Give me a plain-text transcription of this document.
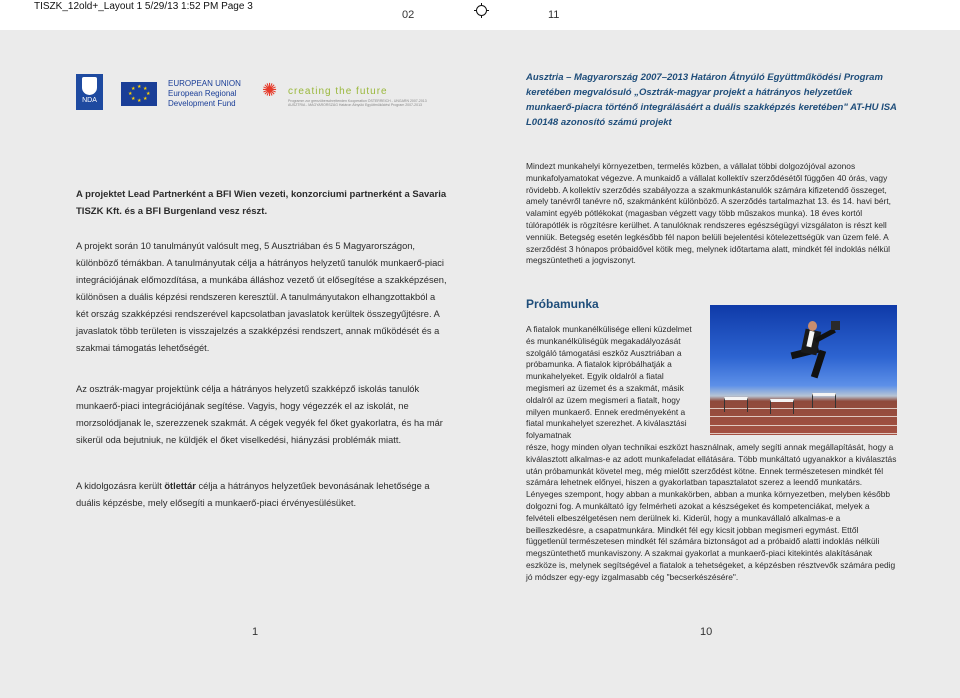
TISZK_12old+_Layout 1 5/29/13 1:52 PM Page 3
02	11
NDA
★ ★
★
★
★
★
★
★
EUROPEAN UNION
European Regional
Development Fund
✺ creating the future
Programm zur grenzüberschreitenden Kooperation ÖSTERREICH - UNGARN 2007-2013
AUSZTRIA - MAGYARORSZÁG Határon Átnyúló Együttműködési Program 2007-2013
Ausztria – Magyarország 2007–2013 Határon Átnyúló Együttműködési Program keretében megvalósuló „Osztrák-magyar projekt a hátrányos helyzetűek munkaerő-piacra történő integrálásáért a duális szakképzés keretében" AT-HU ISA L00148 azonosító számú projekt
A projektet Lead Partnerként a BFI Wien vezeti, konzorciumi partnerként a Savaria TISZK Kft. és a BFI Burgenland vesz részt.
A projekt során 10 tanulmányút valósult meg, 5 Ausztriában és 5 Magyarországon, különböző témákban. A tanulmányutak célja a hátrányos helyzetű tanulók munkaerő-piaci integrációjának előmozdítása, a munkába álláshoz vezető út elősegítése a szakképzésen, különösen a duális képzési rendszeren keresztül. A tanulmányutakon elhangzottakból a két ország szakképzési rendszerével kapcsolatban javaslatok kerültek összegyűjtésre. A javaslatok több területen is visszajelzés a szakképzési rendszert, annak működését és a szakmai támogatás lehetőségét.
Az osztrák-magyar projektünk célja a hátrányos helyzetű szakképző iskolás tanulók munkaerő-piaci integrációjának segítése. Vagyis, hogy végezzék el az iskolát, ne morzsolódjanak le, szerezzenek szakmát. A cégek vegyék fel őket gyakorlatra, és ha már sikerül oda bejutniuk, ne küldjék el őket viselkedési, hiányzási problémák miatt.
A kidolgozásra került ötlettár célja a hátrányos helyzetűek bevonásának lehetősége a duális képzésbe, mely elősegíti a munkaerő-piaci érvényesülésüket.
Mindezt munkahelyi környezetben, termelés közben, a vállalat többi dolgozójóval azonos munkafolyamatokat végezve. A munkaidő a vállalat kollektív szerződésétől függően 40 órás, vagy rövidebb. A kollektív szerződés szabályozza a szakmunkástanulók számára kifizetendő összeget, amely tanévről tanévre nő, szakmánként különböző. A szerződés tartalmazhat 13. és 14. havi bért, valamint egyéb pótlékokat (magasban végzett vagy több műszakos munka). 18 éves kortól túlórapótlék is rögzítésre kerülhet. A tanulóknak rendszeres egészségügyi vizsgálaton is részt kell venniük. Betegség esetén legkésőbb fél napon belüli bejelentési kötelezettségük van üzem felé. A szerződést 3 hónapos próbaidővel kötik meg, melynek időtartama alatt, mindkét fél indoklás nélkül megszüntetheti a jogviszonyt.
Próbamunka
A fiatalok munkanélkülisége elleni küzdelmet és munkanélküliségük megakadályozását szolgáló támogatási eszköz Ausztriában a próbamunka. A fiatalok kipróbálhatják a munkahelyeket. Egyik oldalról a fiatal megismeri az üzemet és a szakmát, másik oldalról az üzem megismeri a fiatalt, hogy milyen munkaerő. Ennek eredményeként a fiatal munkahelyet szerezhet. A kiválasztási folyamatnak
része, hogy minden olyan technikai eszközt használnak, amely segíti annak megállapítását, hogy a kiválasztott alkalmas-e az adott munkafeladat ellátására. Több munkáltató ugyanakkor a kiválasztás után próbamunkát követel meg, még mielőtt szerződést kötne. Ennek természetesen mindkét fél számára lehetnek előnyei, hiszen a gyakorlatban tapasztalatot szerez a leendő munkatárs. Lényeges szempont, hogy abban a munkakörben, abban a munka környezetben, melyben később dolgozni fog. A munkáltató így felmérheti azokat a készségeket és kompetenciákat, melyek a felvételi elbeszélgetésen nem derülnek ki. Kiderül, hogy a munkavállaló alkalmas-e a beilleszkedésre, a csapatmunkára. Mindkét fél egy kicsit jobban megismeri egymást. Ettől függetlenül természetesen mindkét fél számára biztonságot ad a próbaidő alatti indoklás nélküli megszüntethető munkaviszony. A szakmai gyakorlat a munkaerő-piaci kitekintés alakításának eszköze is, melynek segítségével a fiatalok a tehetségeket, a képzésben résztvevők számára pedig jó módszer egy-egy izgalmasabb cég "becserkészésére".
1	10
